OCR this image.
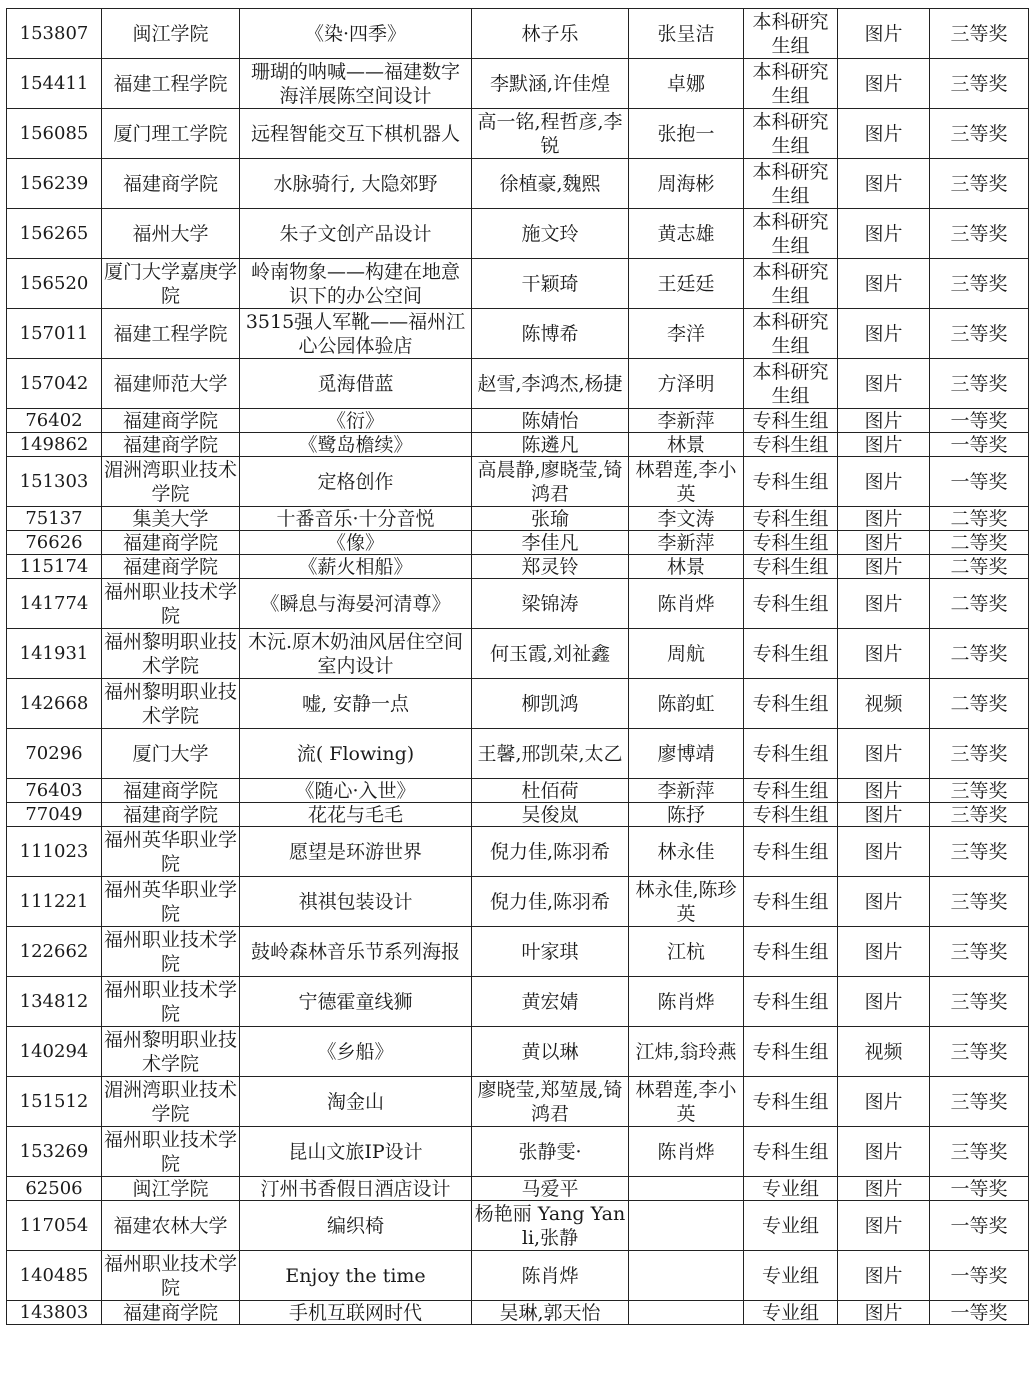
153807	闽江学院	《染·四季》	林子乐	张呈洁	本科研究生组	图片	三等奖
154411	福建工程学院	珊瑚的呐喊——福建数字海洋展陈空间设计	李默涵,许佳煌	卓娜	本科研究生组	图片	三等奖
156085	厦门理工学院	远程智能交互下棋机器人	高一铭,程哲彦,李锐	张抱一	本科研究生组	图片	三等奖
156239	福建商学院	水脉骑行, 大隐郊野	徐植豪,魏熙	周海彬	本科研究生组	图片	三等奖
156265	福州大学	朱子文创产品设计	施文玲	黄志雄	本科研究生组	图片	三等奖
156520	厦门大学嘉庚学院	岭南物象——构建在地意识下的办公空间	干颖琦	王廷廷	本科研究生组	图片	三等奖
157011	福建工程学院	3515强人军靴——福州江心公园体验店	陈博希	李洋	本科研究生组	图片	三等奖
157042	福建师范大学	觅海借蓝	赵雪,李鸿杰,杨捷	方泽明	本科研究生组	图片	三等奖
76402	福建商学院	《衍》	陈婧怡	李新萍	专科生组	图片	一等奖
149862	福建商学院	《鹭岛檐续》	陈遴凡	林景	专科生组	图片	一等奖
151303	湄洲湾职业技术学院	定格创作	高晨静,廖晓莹,锜鸿君	林碧莲,李小英	专科生组	图片	一等奖
75137	集美大学	十番音乐·十分音悦	张瑜	李文涛	专科生组	图片	二等奖
76626	福建商学院	《像》	李佳凡	李新萍	专科生组	图片	二等奖
115174	福建商学院	《薪火相船》	郑灵铃	林景	专科生组	图片	二等奖
141774	福州职业技术学院	《瞬息与海晏河清尊》	梁锦涛	陈肖烨	专科生组	图片	二等奖
141931	福州黎明职业技术学院	木沅.原木奶油风居住空间室内设计	何玉霞,刘祉鑫	周航	专科生组	图片	二等奖
142668	福州黎明职业技术学院	嘘, 安静一点	柳凯鸿	陈韵虹	专科生组	视频	二等奖
70296	厦门大学	流( Flowing)	王馨,邢凯荣,太乙	廖博靖	专科生组	图片	三等奖
76403	福建商学院	《随心·入世》	杜佰荷	李新萍	专科生组	图片	三等奖
77049	福建商学院	花花与毛毛	吴俊岚	陈抒	专科生组	图片	三等奖
111023	福州英华职业学院	愿望是环游世界	倪力佳,陈羽希	林永佳	专科生组	图片	三等奖
111221	福州英华职业学院	祺祺包装设计	倪力佳,陈羽希	林永佳,陈珍英	专科生组	图片	三等奖
122662	福州职业技术学院	鼓岭森林音乐节系列海报	叶家琪	江杭	专科生组	图片	三等奖
134812	福州职业技术学院	宁德霍童线狮	黄宏婧	陈肖烨	专科生组	图片	三等奖
140294	福州黎明职业技术学院	《乡船》	黄以琳	江炜,翁玲燕	专科生组	视频	三等奖
151512	湄洲湾职业技术学院	淘金山	廖晓莹,郑堃晟,锜鸿君	林碧莲,李小英	专科生组	图片	三等奖
153269	福州职业技术学院	昆山文旅IP设计	张静雯·	陈肖烨	专科生组	图片	三等奖
62506	闽江学院	汀州书香假日酒店设计	马爱平		专业组	图片	一等奖
117054	福建农林大学	编织椅	杨艳丽 Yang Yanli,张静		专业组	图片	一等奖
140485	福州职业技术学院	Enjoy the time	陈肖烨		专业组	图片	一等奖
143803	福建商学院	手机互联网时代	吴琳,郭天怡		专业组	图片	一等奖
